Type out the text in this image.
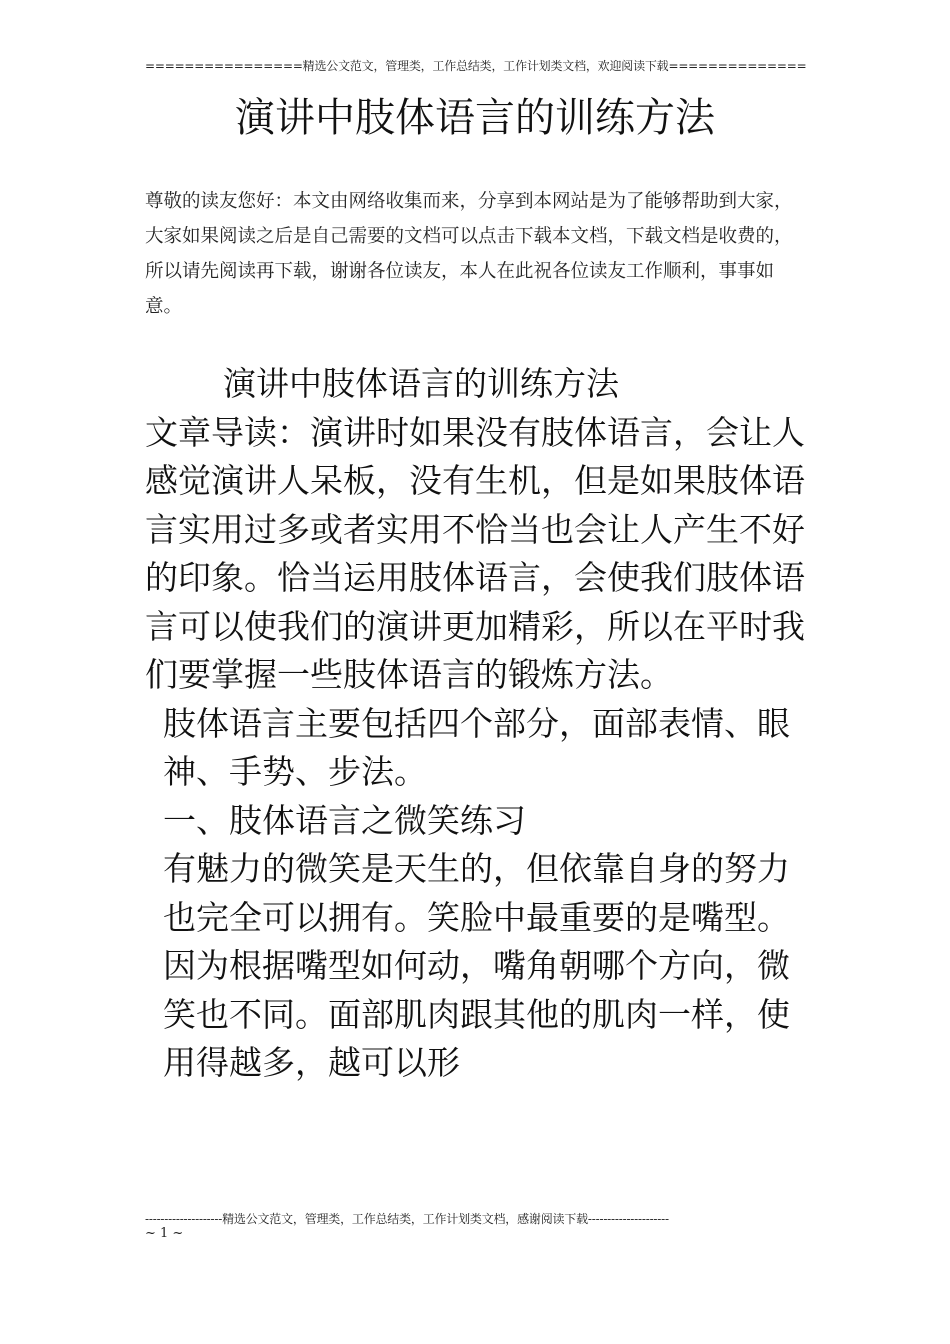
================精选公文范文，管理类，工作总结类，工作计划类文档，欢迎阅读下载==============
演讲中肢体语言的训练方法
尊敬的读友您好：本文由网络收集而来，分享到本网站是为了能够帮助到大家，大家如果阅读之后是自己需要的文档可以点击下载本文档，下载文档是收费的，所以请先阅读再下载，谢谢各位读友，本人在此祝各位读友工作顺利，事事如意。

演讲中肢体语言的训练方法

文章导读：演讲时如果没有肢体语言，会让人感觉演讲人呆板，没有生机，但是如果肢体语言实用过多或者实用不恰当也会让人产生不好的印象。恰当运用肢体语言，会使我们肢体语言可以使我们的演讲更加精彩，所以在平时我们要掌握一些肢体语言的锻炼方法。

肢体语言主要包括四个部分，面部表情、眼神、手势、步法。

一、肢体语言之微笑练习

有魅力的微笑是天生的，但依靠自身的努力也完全可以拥有。笑脸中最重要的是嘴型。因为根据嘴型如何动，嘴角朝哪个方向，微笑也不同。面部肌肉跟其他的肌肉一样，使用得越多，越可以形

--------------------精选公文范文，管理类，工作总结类，工作计划类文档，感谢阅读下载---------------------
~ 1 ~
